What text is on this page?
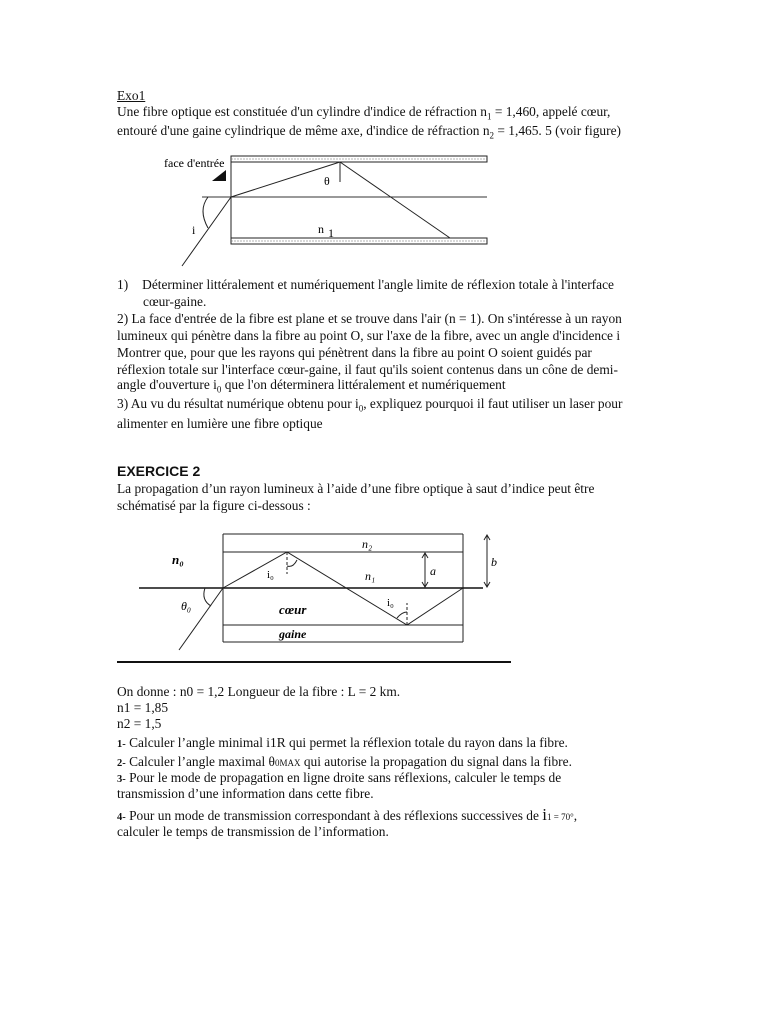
Exo1
Une fibre optique est constituée d'un cylindre d'indice de réfraction $n_1 = 1,460$, appelé cœur,
entouré d'une gaine cylindrique de même axe, d'indice de réfraction $n_2 = 1,465$. 5 (voir figure)
face d'entrée
θ
i	n 1
1) Déterminer littéralement et numériquement l'angle limite de réflexion totale à l'interface
cœur-gaine.
2) La face d'entrée de la fibre est plane et se trouve dans l'air (n = 1). On s'intéresse à un rayon
lumineux qui pénètre dans la fibre au point O, sur l'axe de la fibre, avec un angle d'incidence i
Montrer que, pour que les rayons qui pénètrent dans la fibre au point O soient guidés par
réflexion totale sur l'interface cœur-gaine, il faut qu'ils soient contenus dans un cône de demi-
angle d'ouverture $i_0$ que l'on déterminera littéralement et numériquement
3) Au vu du résultat numérique obtenu pour $i_0$, expliquez pourquoi il faut utiliser un laser pour
alimenter en lumière une fibre optique
EXERCICE 2
La propagation d’un rayon lumineux à l’aide d’une fibre optique à saut d’indice peut être
schématisé par la figure ci-dessous :
n₀
n₂
n₁	a
b
i₀
i₀
θ₀	cœur
gaine
On donne : n0 = 1,2 Longueur de la fibre : L = 2 km.
n1 = 1,85
n2 = 1,5
1- Calculer l’angle minimal i1R qui permet la réflexion totale du rayon dans la fibre.
2- Calculer l’angle maximal θ0MAX qui autorise la propagation du signal dans la fibre.
3- Pour le mode de propagation en ligne droite sans réflexions, calculer le temps de
transmission d’une information dans cette fibre.
4- Pour un mode de transmission correspondant à des réflexions successives de i1 = 70°,
calculer le temps de transmission de l’information.
